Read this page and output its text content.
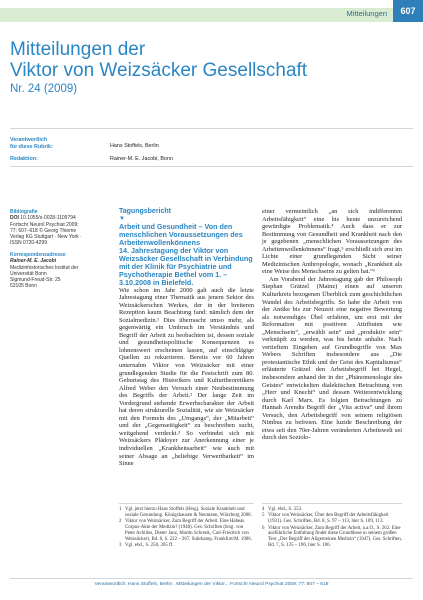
Mitteilungen	607
Mitteilungen der
Viktor von Weizsäcker Gesellschaft
Nr. 24 (2009)
Verantwortlich
für diese Rubrik:	Hans Stoffels, Berlin
Redaktion:	Rainer-M. E. Jacobi, Bonn
Bibliografie
DOI 10.1055/s-0028-1109794
Fortschr Neurol Psychiat 2009;
77: 607–618 © Georg Thieme
Verlag KG Stuttgart · New York ·
ISSN 0720-4299
Korrespondenzadresse
Rainer-M. E. Jacobi
Medizinhistorisches Institut der
Universität Bonn
Sigmund-Freud-Str. 25
53105 Bonn
Tagungsbericht
▼
Arbeit und Gesundheit – Von den menschlichen Voraussetzungen des Arbeitenwollenkönnens
14. Jahrestagung der Viktor von Weizsäcker Gesellschaft in Verbindung mit der Klinik für Psychiatrie und Psychotherapie Bethel vom 1. – 3.10.2008 in Bielefeld.

Wie schon im Jahr 2000 galt auch die letzte Jahrestagung einer Thematik aus jenem Sektor des Weizsäckerschen Werkes, der in der breiteren Rezeption kaum Beachtung fand: nämlich dem der Sozialmedizin.¹ Dies überrascht umso mehr, als gegenwärtig ein Umbruch im Verständnis und Begriff der Arbeit zu beobachten ist, dessen soziale und gesundheitspolitische Konsequenzen es lohnenswert erscheinen lassen, auf einschlägige Quellen zu rekurrieren. Bereits vor 60 Jahren unternahm Viktor von Weizsäcker mit einer grundlegenden Studie für die Festschrift zum 80. Geburtstag des Historikers und Kulturtheoretikers Alfred Weber den Versuch einer Neubestimmung des Begriffs der Arbeit.² Der lange Zeit im Vordergrund stehende Erwerbscharakter der Arbeit hat deren strukturelle Sozialität, wie sie Weizsäcker mit den Formeln des „Umgangs“, der „Mitarbeit“ und der „Gegenseitigkeit“ zu beschreiben sucht, weitgehend verdeckt.³ So verbindet sich mit Weizsäckers Plädoyer zur Anerkennung einer je individuellen „Krankheitsarbeit“ wie auch mit seiner Absage an „beliebige Verwertbarkeit“ im Sinne

einer vermeintlich „an sich indifferenten Arbeitsfähigkeit“ eine bis heute unzureichend gewürdigte Problematik.⁴ Auch dass er zur Bestimmung von Gesundheit und Krankheit nach den je gegebenen „menschlichen Voraussetzungen des Arbeitenwollenkönnens“ fragt,⁵ erschließt sich erst im Lichte einer grundlegenden Sicht seiner Medizinischen Anthropologie, wonach „Krankheit als eine Weise des Menschseins zu gelten hat.“⁶

Am Vorabend der Jahrestagung gab der Philosoph Stephan Grätzel (Mainz) einen auf unseren Kulturkreis bezogenen Überblick zum geschichtlichen Wandel des Arbeitsbegriffs. So habe die Arbeit von der Antike bis zur Neuzeit eine negative Bewertung als notwendiges Übel erfahren, um erst mit der Reformation mit positiven Attributen wie „Menschsein“, „erwählt sein“ und „produktiv sein“ verknüpft zu werden, was bis heute anhalte. Nach vertieftem Eingehen auf Grundbegriffe von Max Webers Schriften insbesondere aus „Die protestantische Ethik und der Geist des Kapitalismus“ erläuterte Grätzel den Arbeitsbegriff bei Hegel, insbesondere anhand der in der „Phänomenologie des Geistes“ entwickelten dialektischen Betrachtung von „Herr und Knecht“ und dessen Weiterentwicklung durch Karl Marx. Es folgten Betrachtungen zu Hannah Arendts Begriff der „Vita activa“ und ihrem Versuch, den Arbeitsbegriff von seinem religiösen Nimbus zu befreien. Eine luzide Beschreibung der etwa seit den 70er-Jahren veränderten Arbeitswelt sei durch den Soziolo-

1 Vgl. jetzt hierzu Hans Stoffels (Hrsg), Soziale Krankheit und soziale Gesundung. Königshausen & Neumann, Würzburg 2008.
2 Viktor von Weizsäcker, Zum Begriff der Arbeit. Eine Habeas Corpus-Akte der Medizin? (1948). Ges. Schriften (hrsg. von Peter Achilles, Dieter Janz, Martin Schrenk, Carl-Friedrich von Weizsäcker), Bd. 8, S. 222 – 267. Suhrkamp, Frankfurt/M. 1986.
3 Vgl. ebd., S. 250, 265 ff.
4 Vgl. ebd., S. 253.
5 Viktor von Weizsäcker, Über den Begriff der Arbeitsfähigkeit (1931). Ges. Schriften, Bd. 8, S. 97 – 113, hier S. 109, 113.
6 Viktor von Weizsäcker, Zum Begriff der Arbeit, a.a.O., S. 262. Eine ausführliche Entfaltung findet diese Grundthese in seinem großen Text „Der Begriff der Allgemeinen Medizin“ (1947). Ges. Schriften, Bd. 7, S. 135 – 196, hier S. 186.
Verantwortlich: Hans Stoffels, Berlin . Mitteilungen der Viktor... Fortschr Neurol Psychiat 2009; 77: 607 – 618
